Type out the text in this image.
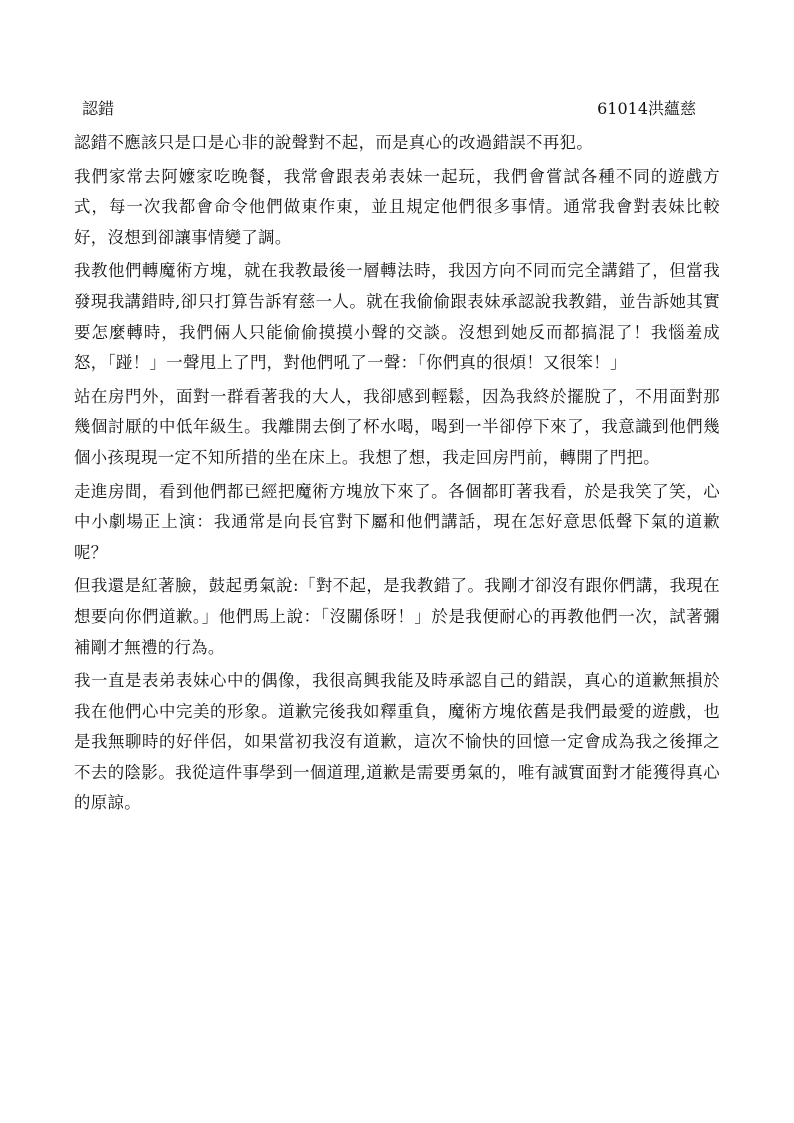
認錯	61014洪蘊慈

認錯不應該只是口是心非的說聲對不起，而是真心的改過錯誤不再犯。

我們家常去阿嬤家吃晚餐，我常會跟表弟表妹一起玩，我們會嘗試各種不同的遊戲方式，每一次我都會命令他們做東作東，並且規定他們很多事情。通常我會對表妹比較好，沒想到卻讓事情變了調。

我教他們轉魔術方塊，就在我教最後一層轉法時，我因方向不同而完全講錯了，但當我發現我講錯時,卻只打算告訴宥慈一人。就在我偷偷跟表妹承認說我教錯，並告訴她其實要怎麼轉時，我們倆人只能偷偷摸摸小聲的交談。沒想到她反而都搞混了！我惱羞成怒，「踫！」一聲甩上了門，對他們吼了一聲：「你們真的很煩！又很笨！」

站在房門外，面對一群看著我的大人，我卻感到輕鬆，因為我終於擺脫了，不用面對那幾個討厭的中低年級生。我離開去倒了杯水喝，喝到一半卻停下來了，我意識到他們幾個小孩現現一定不知所措的坐在床上。我想了想，我走回房門前，轉開了門把。

走進房間，看到他們都已經把魔術方塊放下來了。各個都盯著我看，於是我笑了笑，心中小劇場正上演：我通常是向長官對下屬和他們講話，現在怎好意思低聲下氣的道歉呢？

但我還是紅著臉，鼓起勇氣說:「對不起，是我教錯了。我剛才卻沒有跟你們講，我現在想要向你們道歉。」他們馬上說：「沒關係呀！」於是我便耐心的再教他們一次，試著彌補剛才無禮的行為。

我一直是表弟表妹心中的偶像，我很高興我能及時承認自己的錯誤，真心的道歉無損於我在他們心中完美的形象。道歉完後我如釋重負，魔術方塊依舊是我們最愛的遊戲，也是我無聊時的好伴侶，如果當初我沒有道歉，這次不愉快的回憶一定會成為我之後揮之不去的陰影。我從這件事學到一個道理,道歉是需要勇氣的，唯有誠實面對才能獲得真心的原諒。
